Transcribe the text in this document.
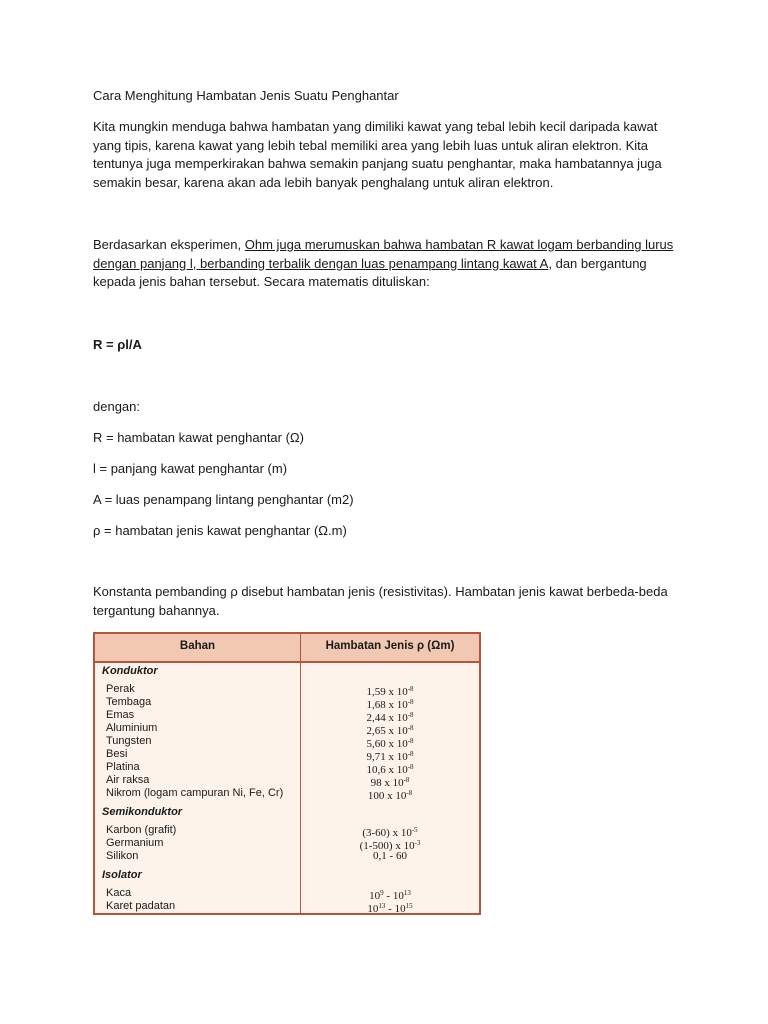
Cara Menghitung Hambatan Jenis Suatu Penghantar

Kita mungkin menduga bahwa hambatan yang dimiliki kawat yang tebal lebih kecil daripada kawat yang tipis, karena kawat yang lebih tebal memiliki area yang lebih luas untuk aliran elektron. Kita tentunya juga memperkirakan bahwa semakin panjang suatu penghantar, maka hambatannya juga semakin besar, karena akan ada lebih banyak penghalang untuk aliran elektron.

Berdasarkan eksperimen, Ohm juga merumuskan bahwa hambatan R kawat logam berbanding lurus dengan panjang l, berbanding terbalik dengan luas penampang lintang kawat A, dan bergantung kepada jenis bahan tersebut. Secara matematis dituliskan:

R = ρl/A

dengan:

R = hambatan kawat penghantar (Ω)

l = panjang kawat penghantar (m)

A = luas penampang lintang penghantar (m2)

ρ = hambatan jenis kawat penghantar (Ω.m)

Konstanta pembanding ρ disebut hambatan jenis (resistivitas). Hambatan jenis kawat berbeda-beda tergantung bahannya.

Bahan	Hambatan Jenis ρ (Ωm)
Konduktor
Perak	1,59 x $10^{-8}$
Tembaga	1,68 x $10^{-8}$
Emas	2,44 x $10^{-8}$
Aluminium	2,65 x $10^{-8}$
Tungsten	5,60 x $10^{-8}$
Besi	9,71 x $10^{-8}$
Platina	10,6 x $10^{-8}$
Air raksa	98 x $10^{-8}$
Nikrom (logam campuran Ni, Fe, Cr)	100 x $10^{-8}$
Semikonduktor
Karbon (grafit)	(3-60) x $10^{-5}$
Germanium	(1-500) x $10^{-3}$
Silikon	0,1 - 60
Isolator
Kaca	$10^9 - 10^{13}$
Karet padatan	$10^{13} - 10^{15}$
